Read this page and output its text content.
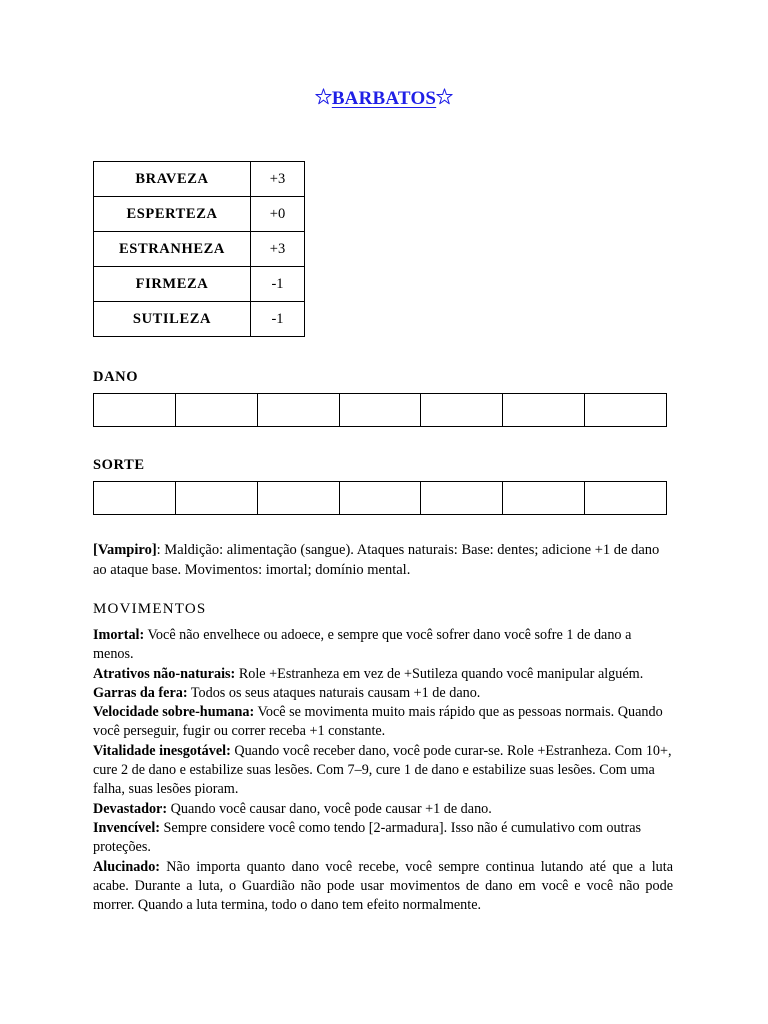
BARBATOS
BRAVEZA	+3
ESPERTEZA	+0
ESTRANHEZA	+3
FIRMEZA	-1
SUTILEZA	-1
DANO
SORTE
[Vampiro]: Maldição: alimentação (sangue). Ataques naturais: Base: dentes; adicione +1 de dano ao ataque base. Movimentos: imortal; domínio mental.
MOVIMENTOS

Imortal: Você não envelhece ou adoece, e sempre que você sofrer dano você sofre 1 de dano a menos.

Atrativos não-naturais: Role +Estranheza em vez de +Sutileza quando você manipular alguém.

Garras da fera: Todos os seus ataques naturais causam +1 de dano.

Velocidade sobre-humana: Você se movimenta muito mais rápido que as pessoas normais. Quando você perseguir, fugir ou correr receba +1 constante.

Vitalidade inesgotável: Quando você receber dano, você pode curar-se. Role +Estranheza. Com 10+, cure 2 de dano e estabilize suas lesões. Com 7–9, cure 1 de dano e estabilize suas lesões. Com uma falha, suas lesões pioram.

Devastador: Quando você causar dano, você pode causar +1 de dano.

Invencível: Sempre considere você como tendo [2-armadura]. Isso não é cumulativo com outras proteções.

Alucinado: Não importa quanto dano você recebe, você sempre continua lutando até que a luta acabe. Durante a luta, o Guardião não pode usar movimentos de dano em você e você não pode morrer. Quando a luta termina, todo o dano tem efeito normalmente.
